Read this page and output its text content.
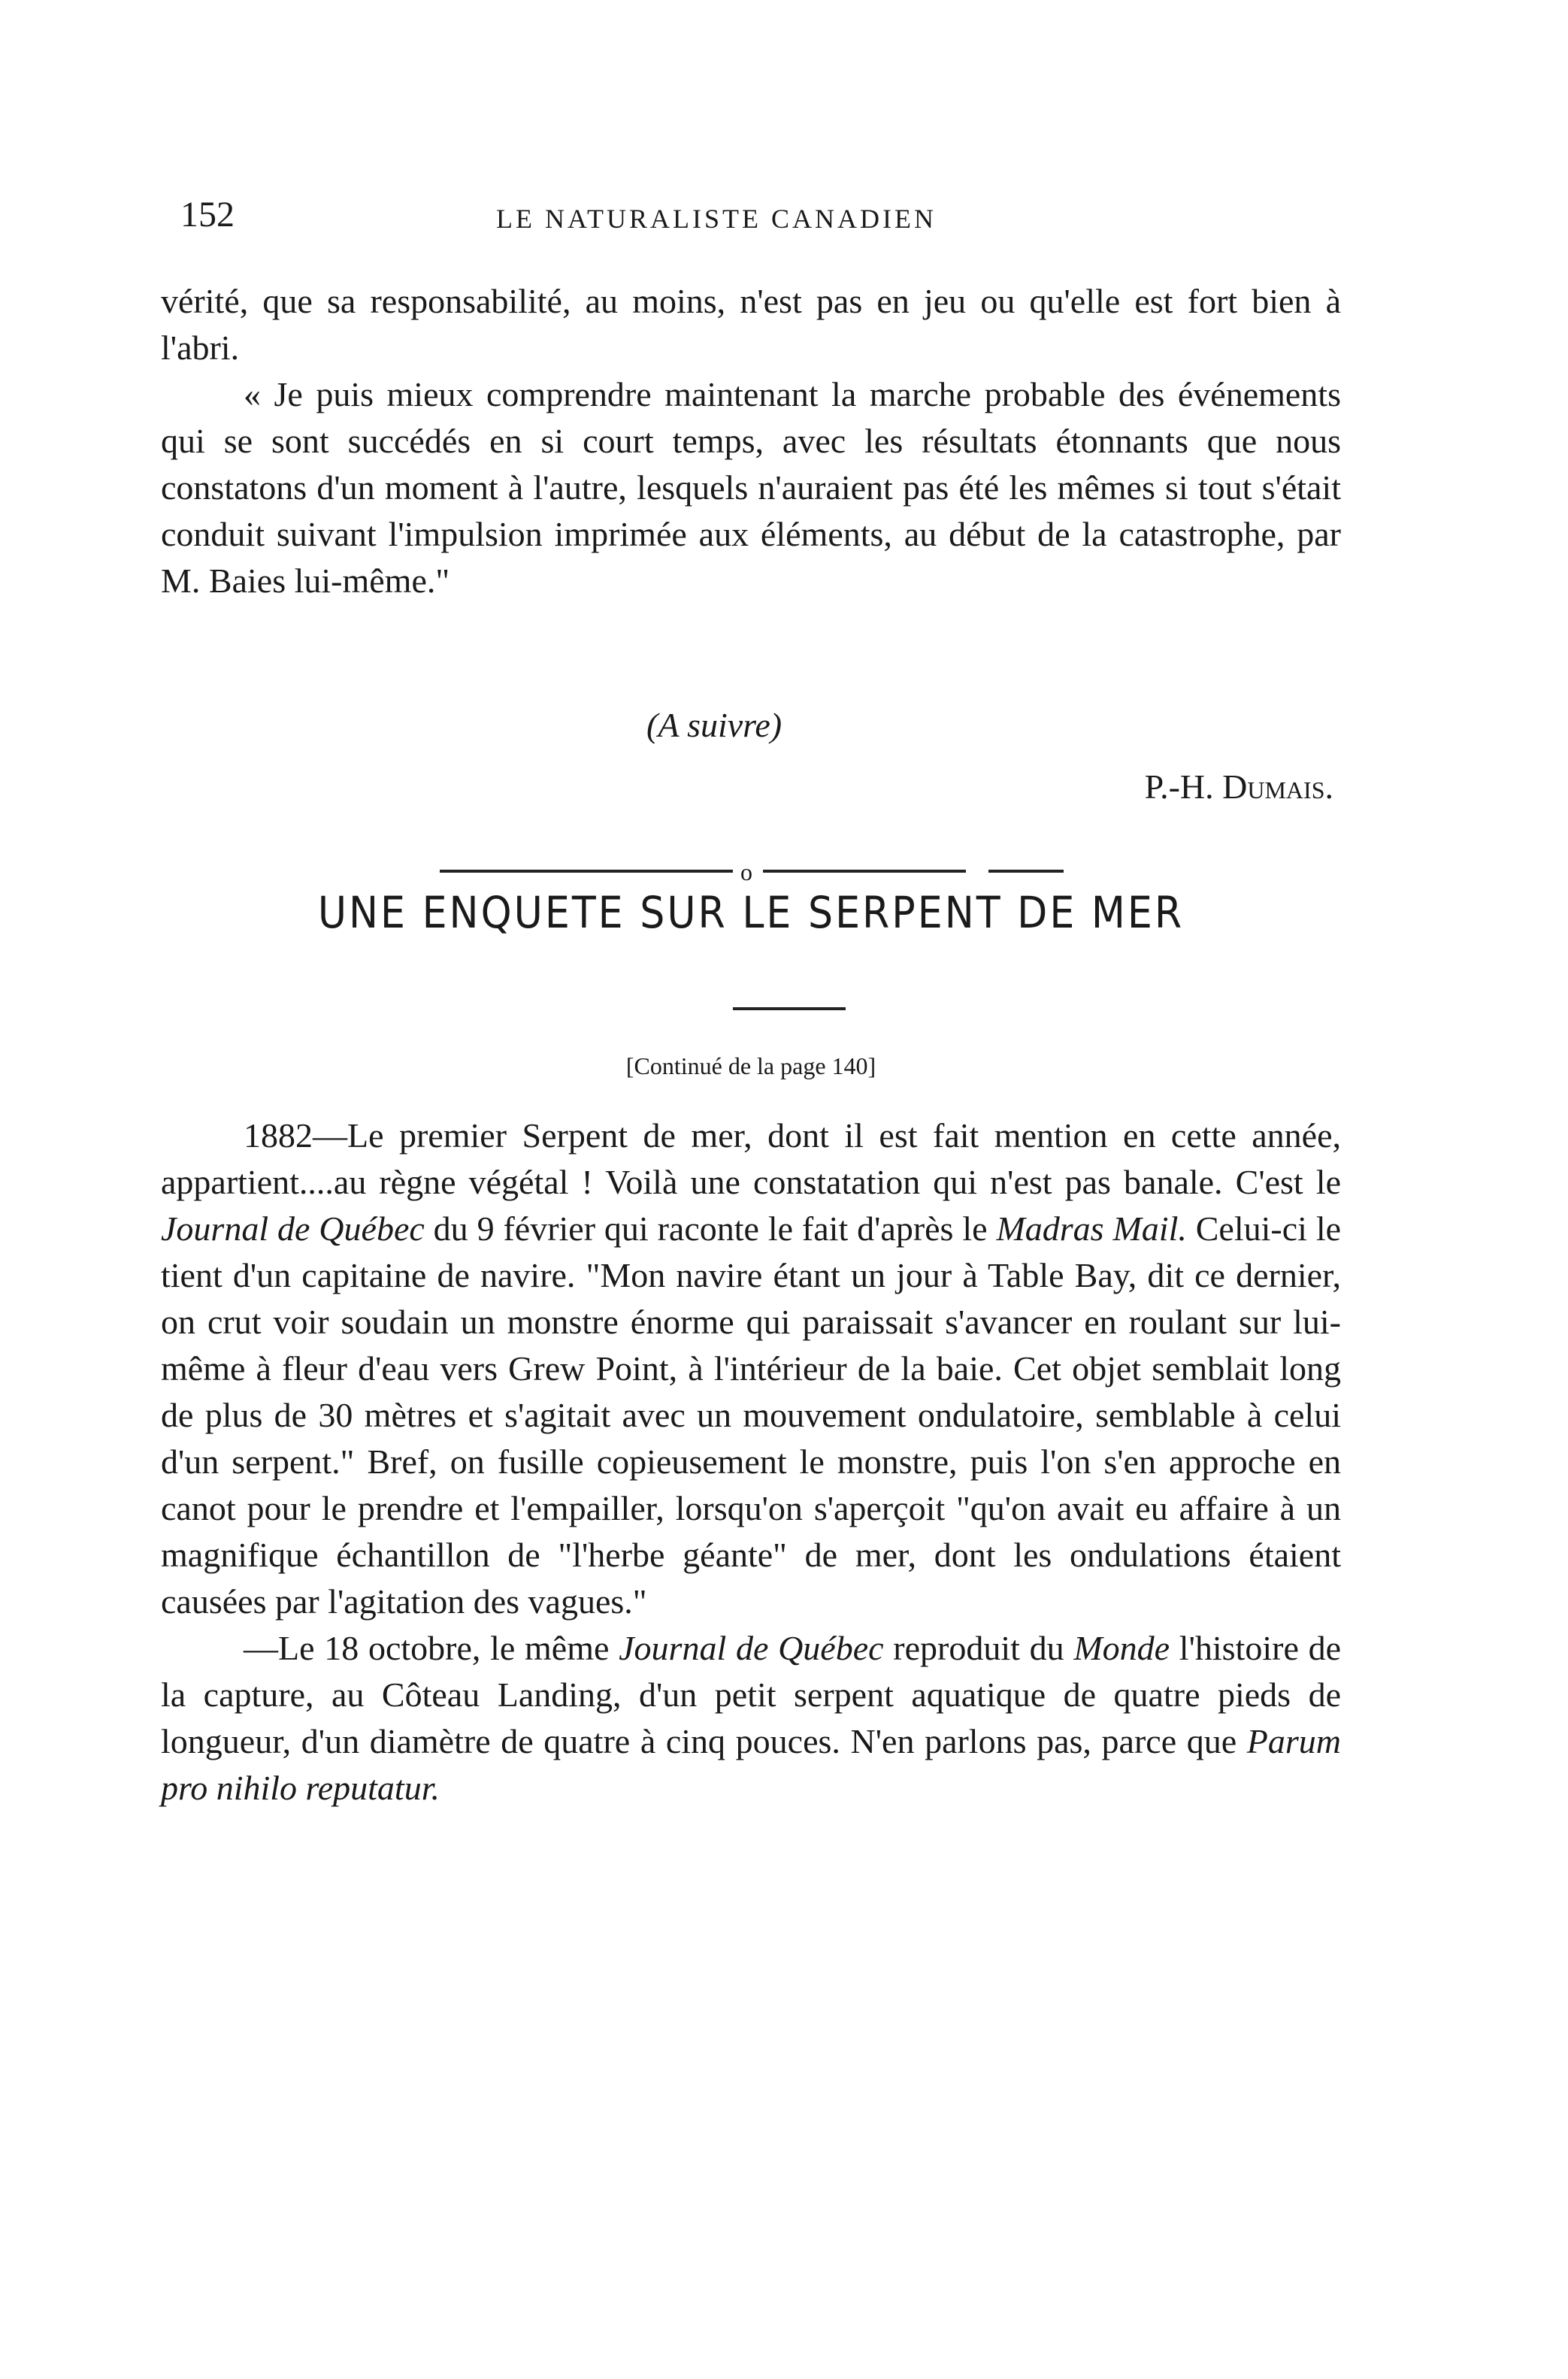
152	LE NATURALISTE CANADIEN

vérité, que sa responsabilité, au moins, n'est pas en jeu ou qu'elle est fort bien à l'abri.

« Je puis mieux comprendre maintenant la marche probable des événements qui se sont succédés en si court temps, avec les résultats étonnants que nous constatons d'un moment à l'autre, lesquels n'auraient pas été les mêmes si tout s'était conduit suivant l'impulsion imprimée aux éléments, au début de la catastrophe, par M. Baies lui-même."

(A suivre)
P.-H. Dumais.
o
UNE ENQUETE SUR LE SERPENT DE MER
[Continué de la page 140]

1882—Le premier Serpent de mer, dont il est fait mention en cette année, appartient....au règne végétal ! Voilà une constatation qui n'est pas banale. C'est le Journal de Québec du 9 février qui raconte le fait d'après le Madras Mail. Celui-ci le tient d'un capitaine de navire. "Mon navire étant un jour à Table Bay, dit ce dernier, on crut voir soudain un monstre énorme qui paraissait s'avancer en roulant sur lui-même à fleur d'eau vers Grew Point, à l'intérieur de la baie. Cet objet semblait long de plus de 30 mètres et s'agitait avec un mouvement ondulatoire, semblable à celui d'un serpent." Bref, on fusille copieusement le monstre, puis l'on s'en approche en canot pour le prendre et l'empailler, lorsqu'on s'aperçoit "qu'on avait eu affaire à un magnifique échantillon de "l'herbe géante" de mer, dont les ondulations étaient causées par l'agitation des vagues."

—Le 18 octobre, le même Journal de Québec reproduit du Monde l'histoire de la capture, au Côteau Landing, d'un petit serpent aquatique de quatre pieds de longueur, d'un diamètre de quatre à cinq pouces. N'en parlons pas, parce que Parum pro nihilo reputatur.
